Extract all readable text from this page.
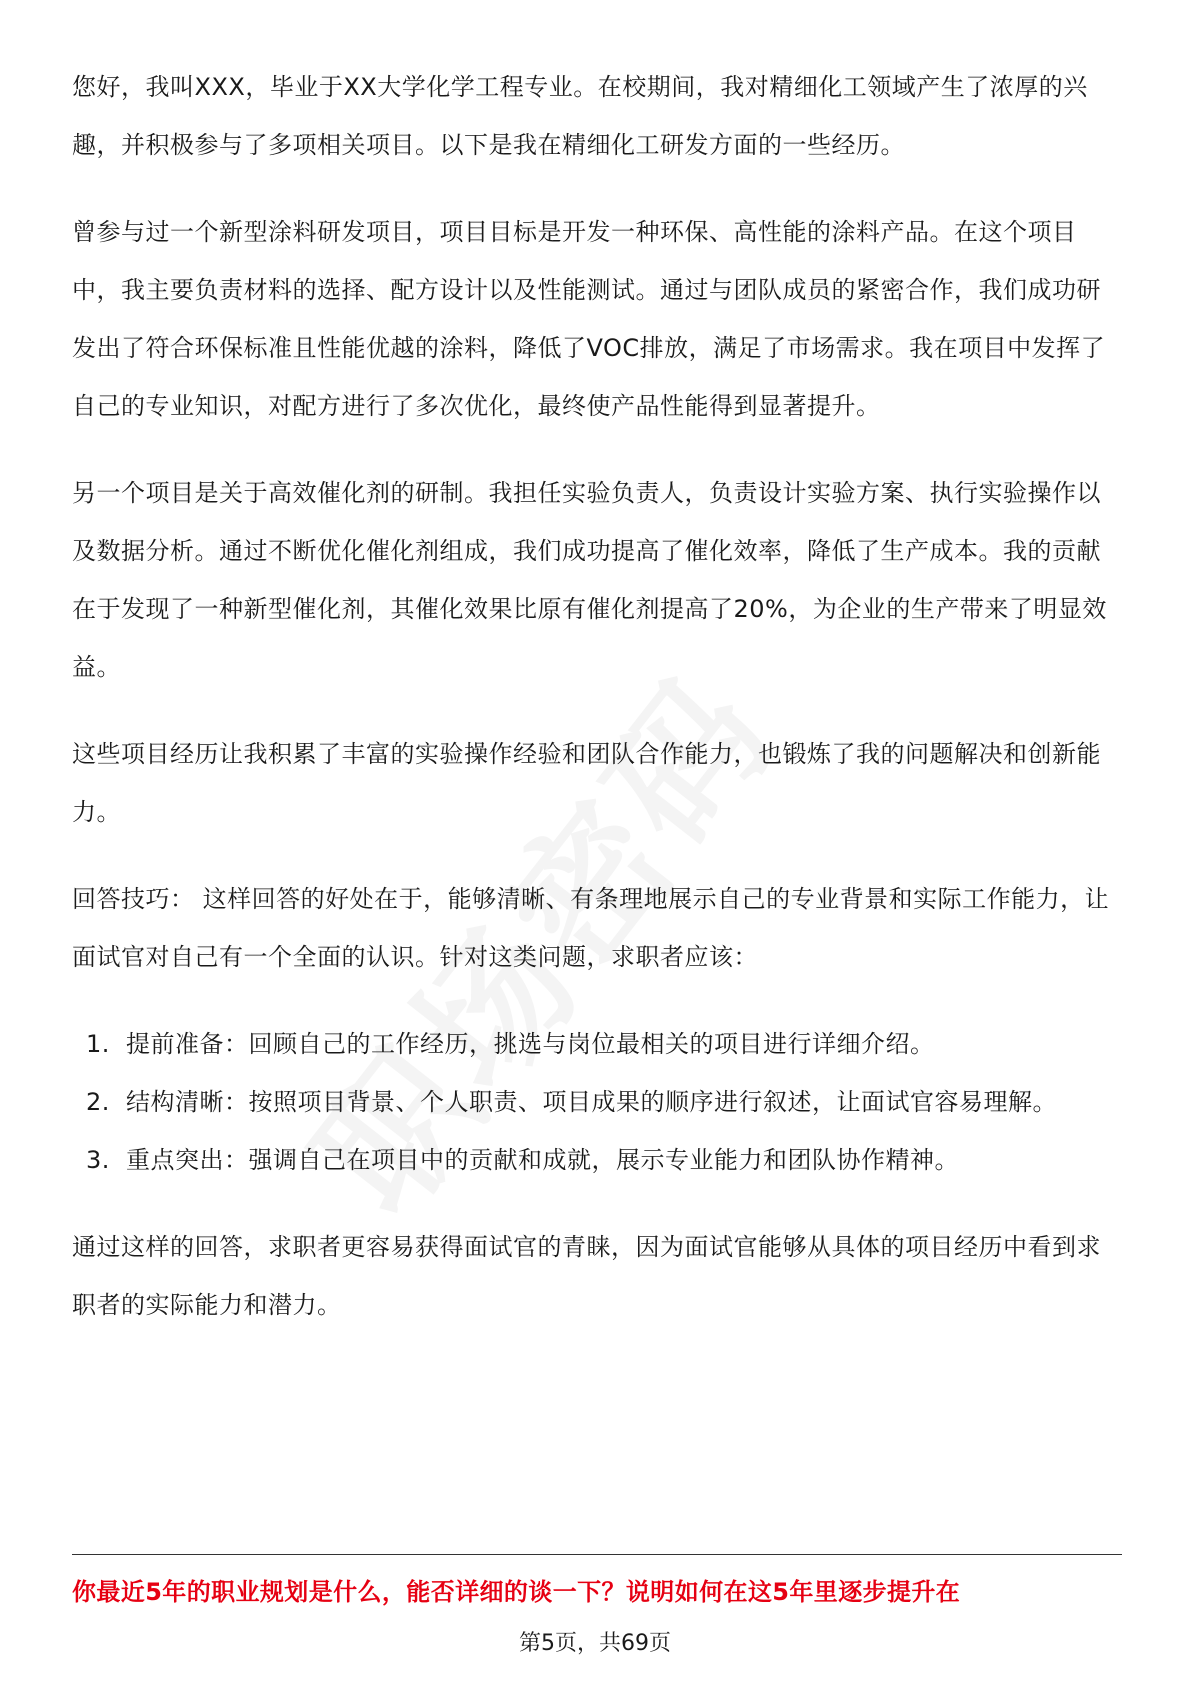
您好，我叫XXX，毕业于XX大学化学工程专业。在校期间，我对精细化工领域产生了浓厚的兴趣，并积极参与了多项相关项目。以下是我在精细化工研发方面的一些经历。

曾参与过一个新型涂料研发项目，项目目标是开发一种环保、高性能的涂料产品。在这个项目中，我主要负责材料的选择、配方设计以及性能测试。通过与团队成员的紧密合作，我们成功研发出了符合环保标准且性能优越的涂料，降低了VOC排放，满足了市场需求。我在项目中发挥了自己的专业知识，对配方进行了多次优化，最终使产品性能得到显著提升。

另一个项目是关于高效催化剂的研制。我担任实验负责人，负责设计实验方案、执行实验操作以及数据分析。通过不断优化催化剂组成，我们成功提高了催化效率，降低了生产成本。我的贡献在于发现了一种新型催化剂，其催化效果比原有催化剂提高了20%，为企业的生产带来了明显效益。

这些项目经历让我积累了丰富的实验操作经验和团队合作能力，也锻炼了我的问题解决和创新能力。

回答技巧： 这样回答的好处在于，能够清晰、有条理地展示自己的专业背景和实际工作能力，让面试官对自己有一个全面的认识。针对这类问题，求职者应该：

1. 提前准备：回顾自己的工作经历，挑选与岗位最相关的项目进行详细介绍。
2. 结构清晰：按照项目背景、个人职责、项目成果的顺序进行叙述，让面试官容易理解。
3. 重点突出：强调自己在项目中的贡献和成就，展示专业能力和团队协作精神。

通过这样的回答，求职者更容易获得面试官的青睐，因为面试官能够从具体的项目经历中看到求职者的实际能力和潜力。

你最近5年的职业规划是什么，能否详细的谈一下？说明如何在这5年里逐步提升在
第5页，共69页
